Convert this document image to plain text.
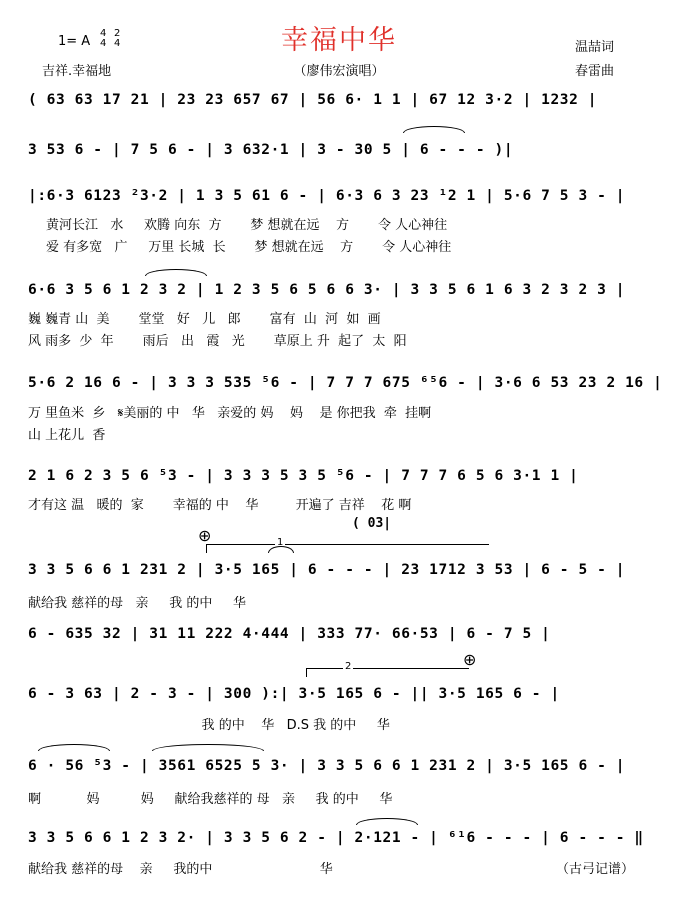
幸福中华
（廖伟宏演唱）
1= A
4
4
2
4
吉祥.幸福地
温喆词
春雷曲
( 63 63 17 21 | 23 23 657 67 | 56 6· 1 1 | 67 12 3·2 | 1232 |
3 53 6 - | 7 5 6 - | 3 632·1 | 3 - 30 5 | 6 - - - )|
|:6·3 6123 ²3·2 | 1 3 5 61 6 - | 6·3 6 3 23 ¹2 1 | 5·6 7 5 3 - |
黄河长江   水     欢腾 向东  方       梦 想就在远    方       令 人心神往
爱 有多宽   广     万里 长城  长       梦 想就在远    方       令 人心神往
6·6 3 5 6 1 2 3 2 | 1 2 3 5 6 5 6 6 3· | 3 3 5 6 1 6 3 2 3 2 3 |
巍 巍青 山  美       堂堂   好   儿   郎       富有  山  河  如  画
风 雨多  少  年       雨后   出   霞   光       草原上 升  起了  太  阳
5·6 2 16 6 - | 3 3 3 535 ⁵6 - | 7 7 7 675 ⁶⁵6 - | 3·6 6 53 23 2 16 |
万 里鱼米  乡   𝄋美丽的 中   华   亲爱的 妈    妈    是 你把我  牵  挂啊
山 上花儿  香
2 1 6 2 3 5 6 ⁵3 - | 3 3 3 5 3 5 ⁵6 - | 7 7 7 6 5 6 3·1 1 |
才有这 温   暖的  家       幸福的 中    华         开遍了 吉祥    花 啊
( 03|
⊕	1
3 3 5 6 6 1 231 2 | 3·5 165 | 6 - - - | 23 1712 3 53 | 6 - 5 - |
献给我 慈祥的母   亲     我 的中     华
6 - 635 32 | 31 11 222 4·444 | 333 77· 66·53 | 6 - 7 5 |
2	⊕
6 - 3 63 | 2 - 3 - | 300 ):| 3·5 165 6 - || 3·5 165 6 - |
我 的中    华   D.S 我 的中     华
6 · 56 ⁵3 - | 3561 6525 5 3· | 3 3 5 6 6 1 231 2 | 3·5 165 6 - |
啊           妈          妈     献给我慈祥的 母   亲     我 的中     华
3 3 5 6 6 1 2 3 2· | 3 3 5 6 2 - | 2·121 - | ⁶¹6 - - - | 6 - - - ‖
献给我 慈祥的母    亲     我的中                          华	（古弓记谱）
